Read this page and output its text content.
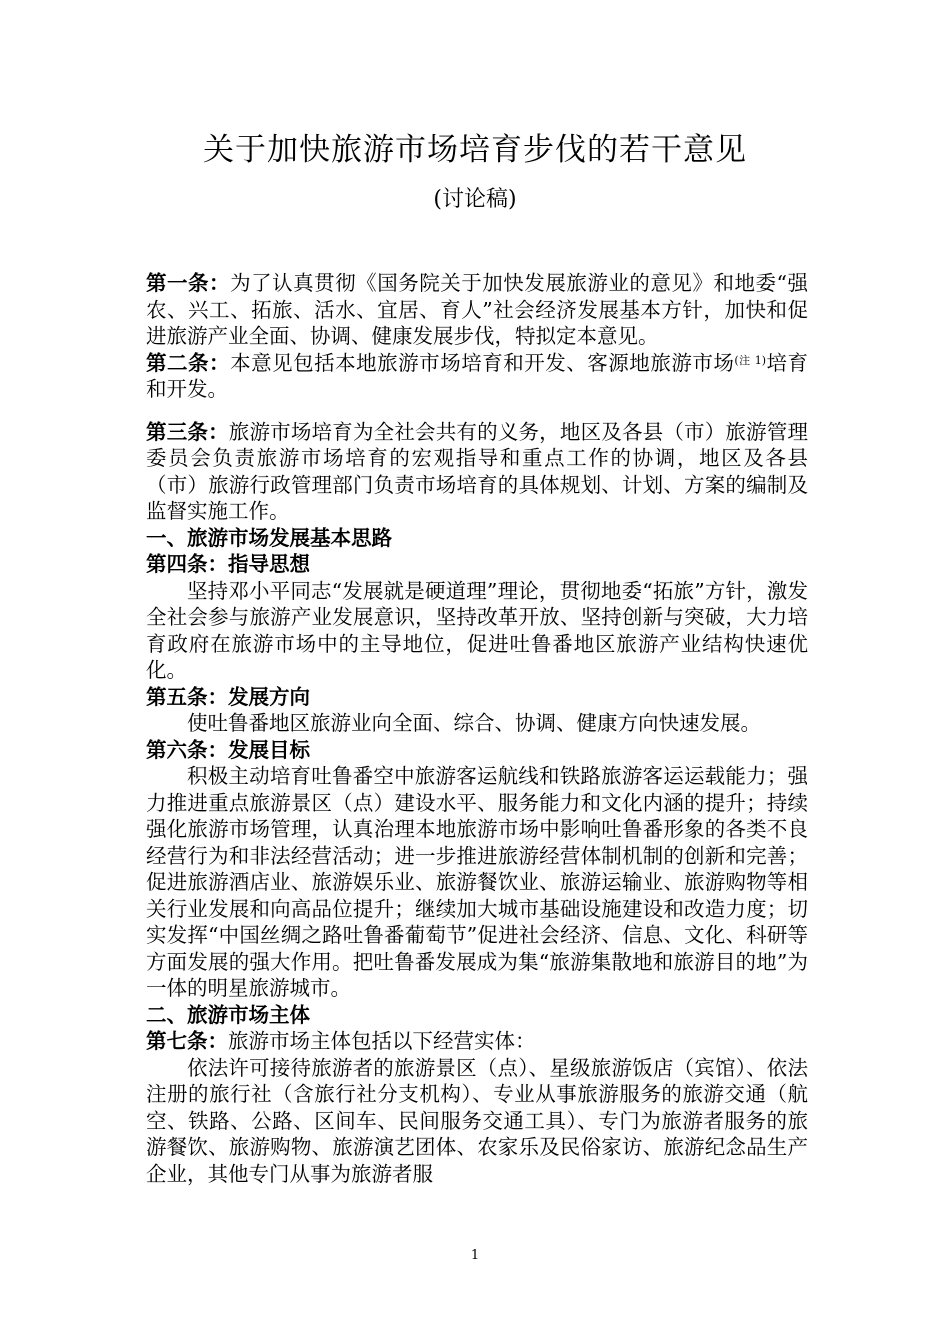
关于加快旅游市场培育步伐的若干意见
(讨论稿)

第一条：为了认真贯彻《国务院关于加快发展旅游业的意见》和地委“强农、兴工、拓旅、活水、宜居、育人”社会经济发展基本方针，加快和促进旅游产业全面、协调、健康发展步伐，特拟定本意见。

第二条：本意见包括本地旅游市场培育和开发、客源地旅游市场$^{(注 1)}$培育和开发。

第三条：旅游市场培育为全社会共有的义务，地区及各县（市）旅游管理委员会负责旅游市场培育的宏观指导和重点工作的协调，地区及各县（市）旅游行政管理部门负责市场培育的具体规划、计划、方案的编制及监督实施工作。

一、旅游市场发展基本思路

第四条：指导思想

坚持邓小平同志“发展就是硬道理”理论，贯彻地委“拓旅”方针，激发全社会参与旅游产业发展意识，坚持改革开放、坚持创新与突破，大力培育政府在旅游市场中的主导地位，促进吐鲁番地区旅游产业结构快速优化。

第五条：发展方向

使吐鲁番地区旅游业向全面、综合、协调、健康方向快速发展。

第六条：发展目标

积极主动培育吐鲁番空中旅游客运航线和铁路旅游客运运载能力；强力推进重点旅游景区（点）建设水平、服务能力和文化内涵的提升；持续强化旅游市场管理，认真治理本地旅游市场中影响吐鲁番形象的各类不良经营行为和非法经营活动；进一步推进旅游经营体制机制的创新和完善；促进旅游酒店业、旅游娱乐业、旅游餐饮业、旅游运输业、旅游购物等相关行业发展和向高品位提升；继续加大城市基础设施建设和改造力度；切实发挥“中国丝绸之路吐鲁番葡萄节”促进社会经济、信息、文化、科研等方面发展的强大作用。把吐鲁番发展成为集“旅游集散地和旅游目的地”为一体的明星旅游城市。

二、旅游市场主体

第七条：旅游市场主体包括以下经营实体：

依法许可接待旅游者的旅游景区（点）、星级旅游饭店（宾馆）、依法注册的旅行社（含旅行社分支机构）、专业从事旅游服务的旅游交通（航空、铁路、公路、区间车、民间服务交通工具）、专门为旅游者服务的旅游餐饮、旅游购物、旅游演艺团体、农家乐及民俗家访、旅游纪念品生产企业，其他专门从事为旅游者服

1
